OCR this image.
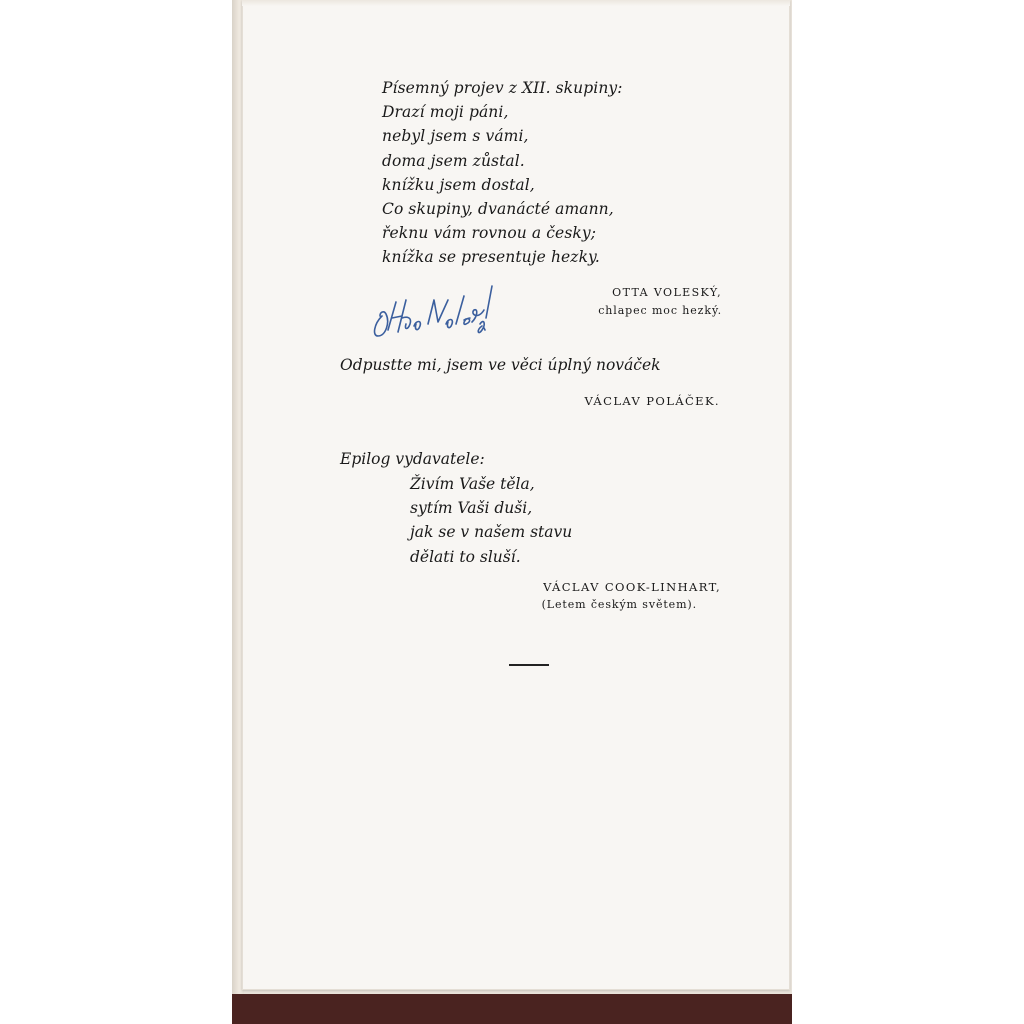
Písemný projev z XII. skupiny:
Drazí moji páni,
nebyl jsem s vámi,
doma jsem zůstal.
knížku jsem dostal,
Co skupiny, dvanácté amann,
řeknu vám rovnou a česky;
knížka se presentuje hezky.
OTTA VOLESKÝ,
chlapec moc hezký.
Odpustte mi, jsem ve věci úplný nováček
VÁCLAV POLÁČEK.
Epilog vydavatele:
Živím Vaše těla,
sytím Vaši duši,
jak se v našem stavu
dělati to sluší.
VÁCLAV COOK-LINHART,
(Letem českým světem).
